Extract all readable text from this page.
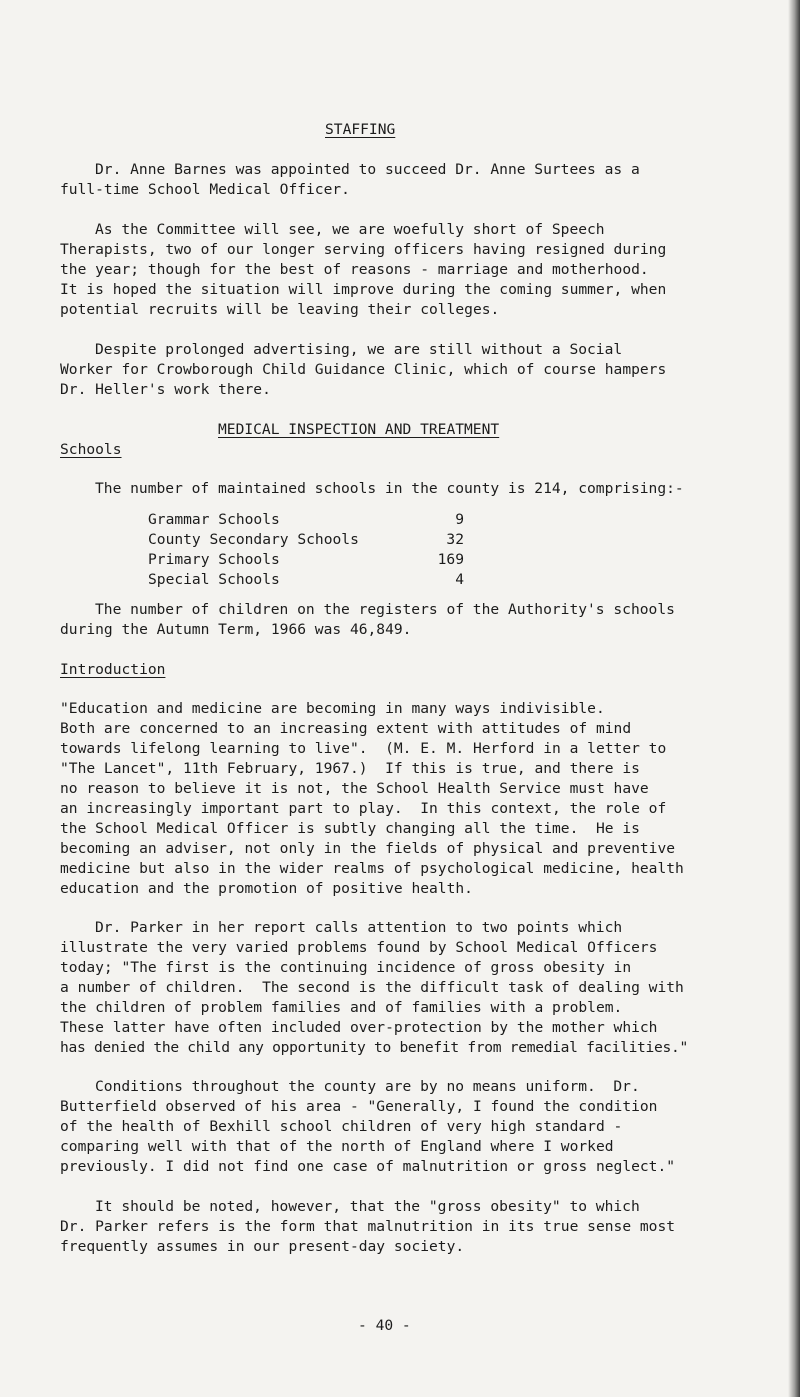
STAFFING
Dr. Anne Barnes was appointed to succeed Dr. Anne Surtees as a
full-time School Medical Officer.
As the Committee will see, we are woefully short of Speech
Therapists, two of our longer serving officers having resigned during
the year; though for the best of reasons - marriage and motherhood.
It is hoped the situation will improve during the coming summer, when
potential recruits will be leaving their colleges.
Despite prolonged advertising, we are still without a Social
Worker for Crowborough Child Guidance Clinic, which of course hampers
Dr. Heller's work there.
MEDICAL INSPECTION AND TREATMENT
Schools
The number of maintained schools in the county is 214, comprising:-
Grammar Schools	9
County Secondary Schools	32
Primary Schools	169
Special Schools	4
The number of children on the registers of the Authority's schools
during the Autumn Term, 1966 was 46,849.
Introduction
"Education and medicine are becoming in many ways indivisible.
Both are concerned to an increasing extent with attitudes of mind
towards lifelong learning to live".  (M. E. M. Herford in a letter to
"The Lancet", 11th February, 1967.)  If this is true, and there is
no reason to believe it is not, the School Health Service must have
an increasingly important part to play.  In this context, the role of
the School Medical Officer is subtly changing all the time.  He is
becoming an adviser, not only in the fields of physical and preventive
medicine but also in the wider realms of psychological medicine, health
education and the promotion of positive health.
Dr. Parker in her report calls attention to two points which
illustrate the very varied problems found by School Medical Officers
today; "The first is the continuing incidence of gross obesity in
a number of children.  The second is the difficult task of dealing with
the children of problem families and of families with a problem.
These latter have often included over-protection by the mother which
has denied the child any opportunity to benefit from remedial facilities."
Conditions throughout the county are by no means uniform.  Dr.
Butterfield observed of his area - "Generally, I found the condition
of the health of Bexhill school children of very high standard -
comparing well with that of the north of England where I worked
previously. I did not find one case of malnutrition or gross neglect."
It should be noted, however, that the "gross obesity" to which
Dr. Parker refers is the form that malnutrition in its true sense most
frequently assumes in our present-day society.
- 40 -
